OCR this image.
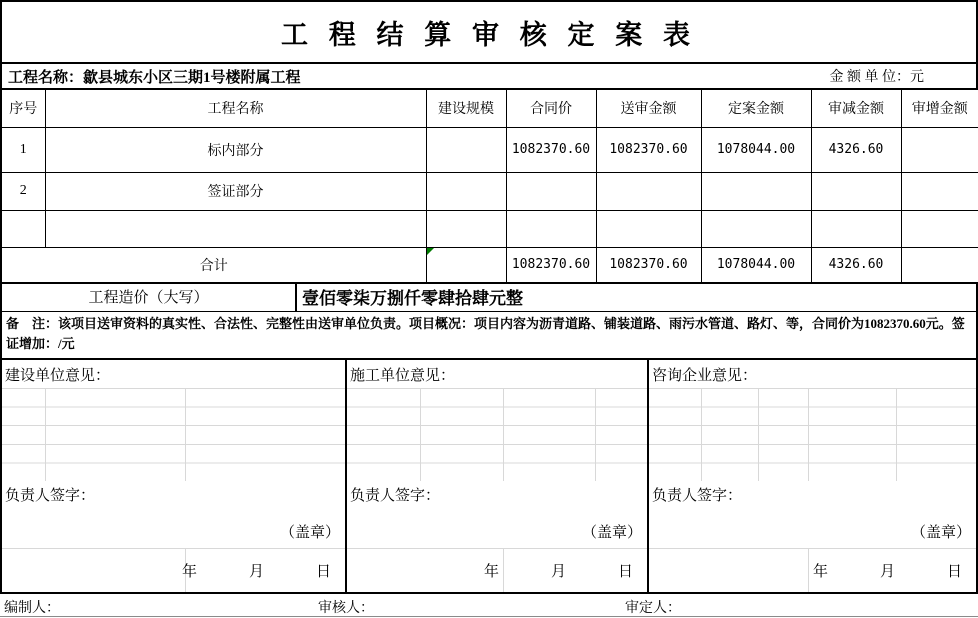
工 程 结 算 审 核 定 案 表
工程名称：歙县城东小区三期1号楼附属工程	金 额 单 位：元
序号	工程名称	建设规模	合同价	送审金额	定案金额	审减金额	审增金额
1	标内部分		1082370.60	1082370.60	1078044.00	4326.60	
2	签证部分						

合计			1082370.60	1082370.60	1078044.00	4326.60	
工程造价（大写）	壹佰零柒万捌仟零肆拾肆元整
备　注：该项目送审资料的真实性、合法性、完整性由送审单位负责。项目概况：项目内容为沥青道路、铺装道路、雨污水管道、路灯、等，合同价为1082370.60元。签证增加：/元
建设单位意见：
负责人签字：
（盖章）
年	月	日
施工单位意见：
负责人签字：
（盖章）
年	月	日
咨询企业意见：
负责人签字：
（盖章）
年	月	日
编制人：	审核人：	审定人：
